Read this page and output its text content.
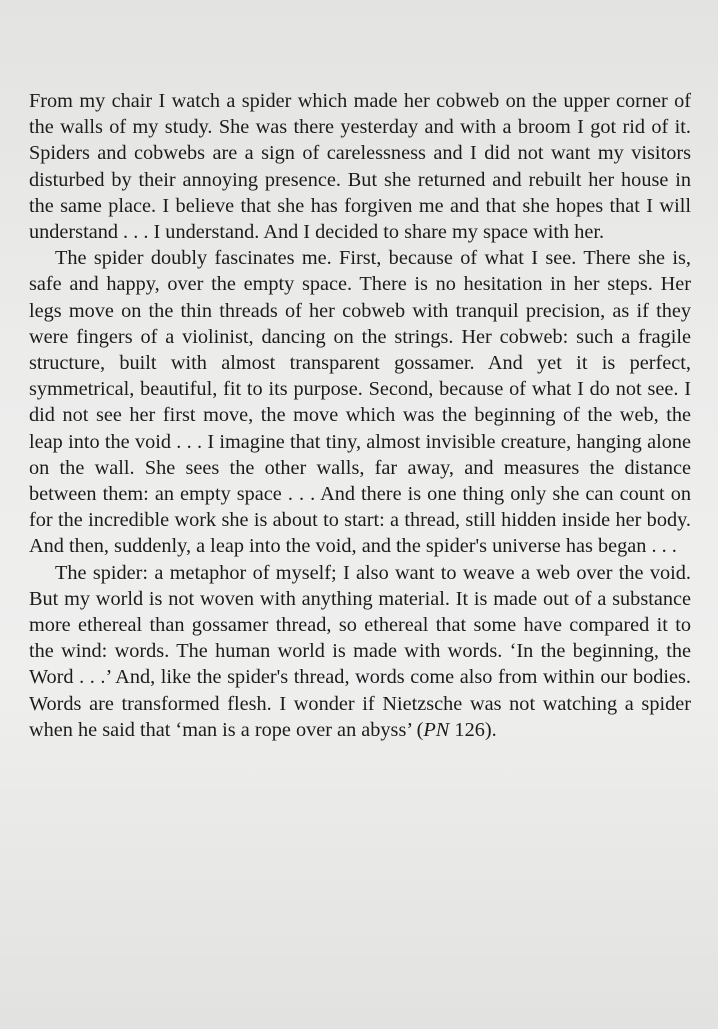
From my chair I watch a spider which made her cobweb on the upper corner of the walls of my study. She was there yesterday and with a broom I got rid of it. Spiders and cobwebs are a sign of carelessness and I did not want my visitors disturbed by their annoying presence. But she returned and rebuilt her house in the same place. I believe that she has forgiven me and that she hopes that I will understand . . . I understand. And I decided to share my space with her.

The spider doubly fascinates me. First, because of what I see. There she is, safe and happy, over the empty space. There is no hesitation in her steps. Her legs move on the thin threads of her cobweb with tranquil precision, as if they were fingers of a violinist, dancing on the strings. Her cobweb: such a fragile structure, built with almost transparent gossamer. And yet it is perfect, symmetrical, beautiful, fit to its purpose. Second, because of what I do not see. I did not see her first move, the move which was the beginning of the web, the leap into the void . . . I imagine that tiny, almost invisible creature, hanging alone on the wall. She sees the other walls, far away, and measures the distance between them: an empty space . . . And there is one thing only she can count on for the incredible work she is about to start: a thread, still hidden inside her body. And then, suddenly, a leap into the void, and the spider's universe has began . . .

The spider: a metaphor of myself; I also want to weave a web over the void. But my world is not woven with anything material. It is made out of a substance more ethereal than gossamer thread, so ethereal that some have compared it to the wind: words. The human world is made with words. ‘In the beginning, the Word . . .’ And, like the spider's thread, words come also from within our bodies. Words are transformed flesh. I wonder if Nietzsche was not watching a spider when he said that ‘man is a rope over an abyss’ (PN 126).
